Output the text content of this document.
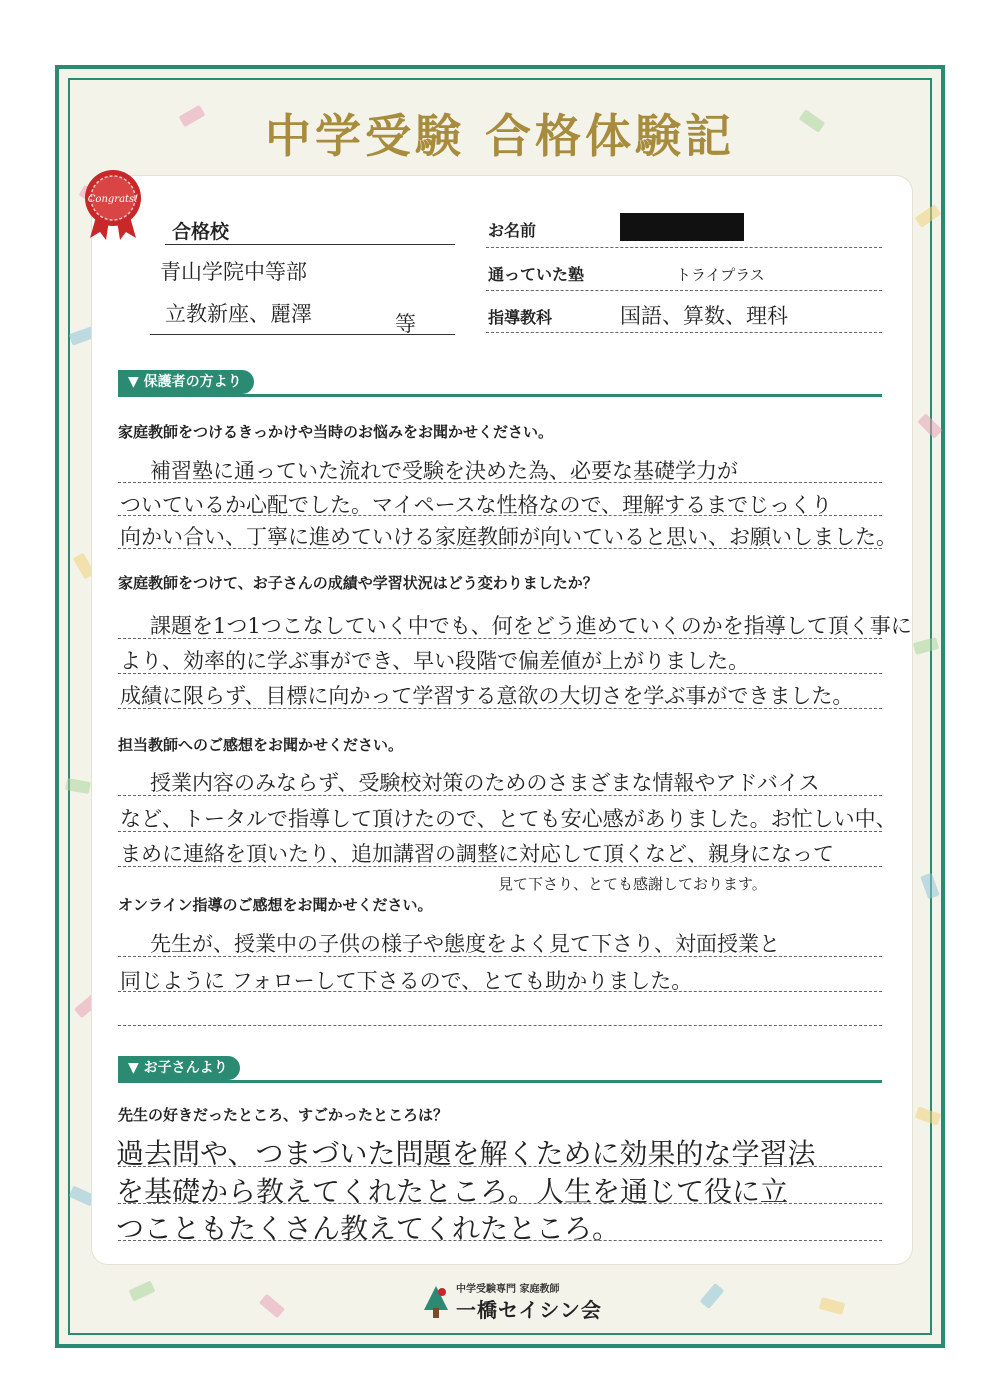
中学受験 合格体験記
Congrats!
合格校
青山学院中等部
立教新座、麗澤	等
お名前
通っていた塾	トライプラス
指導教科	国語、算数、理科
▼ 保護者の方より
家庭教師をつけるきっかけや当時のお悩みをお聞かせください。
補習塾に通っていた流れで受験を決めた為、必要な基礎学力が
ついているか心配でした。マイペースな性格なので、理解するまでじっくり
向かい合い、丁寧に進めていける家庭教師が向いていると思い、お願いしました。
家庭教師をつけて、お子さんの成績や学習状況はどう変わりましたか？
課題を1つ1つこなしていく中でも、何をどう進めていくのかを指導して頂く事に
より、効率的に学ぶ事ができ、早い段階で偏差値が上がりました。
成績に限らず、目標に向かって学習する意欲の大切さを学ぶ事ができました。
担当教師へのご感想をお聞かせください。
授業内容のみならず、受験校対策のためのさまざまな情報やアドバイス
など、トータルで指導して頂けたので、とても安心感がありました。お忙しい中、
まめに連絡を頂いたり、追加講習の調整に対応して頂くなど、親身になって
見て下さり、とても感謝しております。
オンライン指導のご感想をお聞かせください。
先生が、授業中の子供の様子や態度をよく見て下さり、対面授業と
同じように フォローして下さるので、とても助かりました。
▼ お子さんより
先生の好きだったところ、すごかったところは？
過去問や、つまづいた問題を解くために効果的な学習法
を基礎から教えてくれたところ。人生を通じて役に立
つこともたくさん教えてくれたところ。
中学受験専門 家庭教師
一橋セイシン会
